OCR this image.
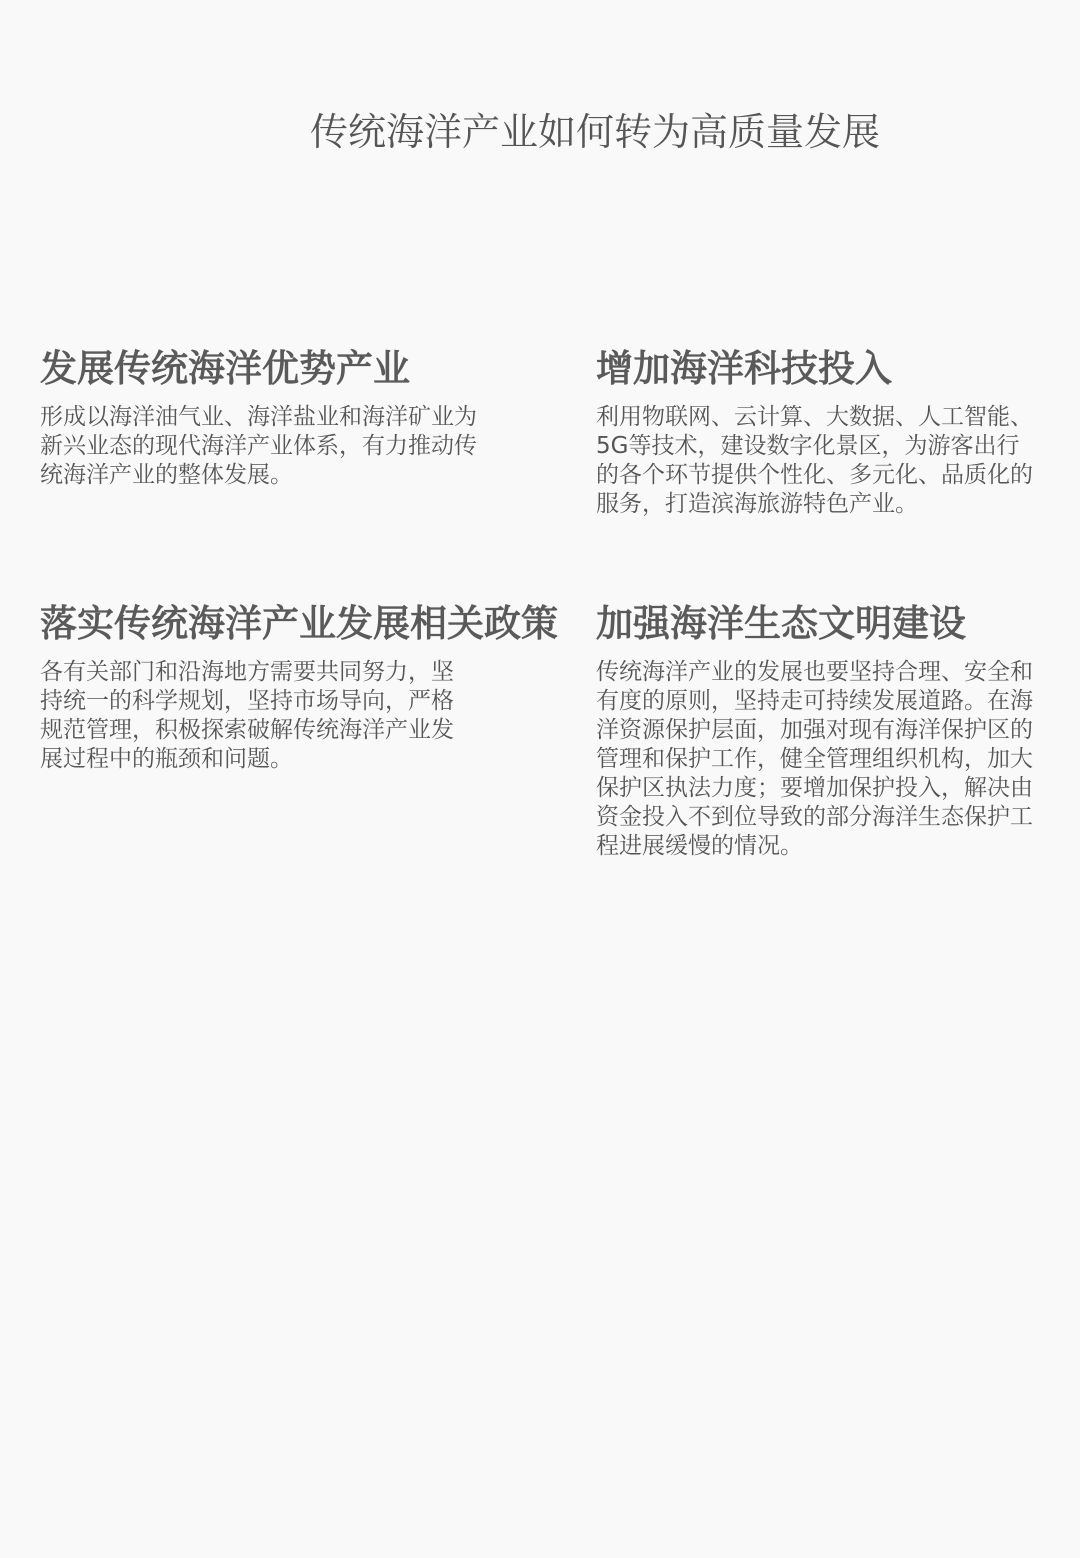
传统海洋产业如何转为高质量发展
发展传统海洋优势产业

形成以海洋油气业、海洋盐业和海洋矿业为新兴业态的现代海洋产业体系，有力推动传统海洋产业的整体发展。

增加海洋科技投入

利用物联网、云计算、大数据、人工智能、5G等技术，建设数字化景区，为游客出行的各个环节提供个性化、多元化、品质化的服务，打造滨海旅游特色产业。

落实传统海洋产业发展相关政策

各有关部门和沿海地方需要共同努力，坚持统一的科学规划，坚持市场导向，严格规范管理，积极探索破解传统海洋产业发展过程中的瓶颈和问题。

加强海洋生态文明建设

传统海洋产业的发展也要坚持合理、安全和有度的原则，坚持走可持续发展道路。在海洋资源保护层面，加强对现有海洋保护区的管理和保护工作，健全管理组织机构，加大保护区执法力度；要增加保护投入，解决由资金投入不到位导致的部分海洋生态保护工程进展缓慢的情况。
